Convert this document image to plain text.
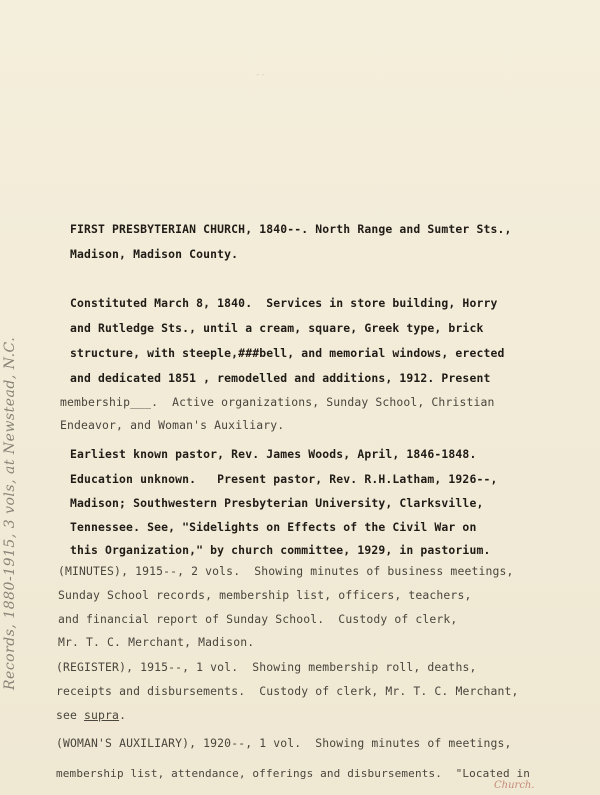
--
FIRST PRESBYTERIAN CHURCH, 1840--. North Range and Sumter Sts.,
Madison, Madison County.
Constituted March 8, 1840.  Services in store building, Horry
and Rutledge Sts., until a cream, square, Greek type, brick
structure, with steeple,###bell, and memorial windows, erected
and dedicated 1851 , remodelled and additions, 1912. Present
membership___.  Active organizations, Sunday School, Christian
Endeavor, and Woman's Auxiliary.
Earliest known pastor, Rev. James Woods, April, 1846-1848.
Education unknown.   Present pastor, Rev. R.H.Latham, 1926--,
Madison; Southwestern Presbyterian University, Clarksville,
Tennessee. See, "Sidelights on Effects of the Civil War on
this Organization," by church committee, 1929, in pastorium.
(MINUTES), 1915--, 2 vols.  Showing minutes of business meetings,
Sunday School records, membership list, officers, teachers,
and financial report of Sunday School.  Custody of clerk,
Mr. T. C. Merchant, Madison.
(REGISTER), 1915--, 1 vol.  Showing membership roll, deaths,
receipts and disbursements.  Custody of clerk, Mr. T. C. Merchant,
see supra.
(WOMAN'S AUXILIARY), 1920--, 1 vol.  Showing minutes of meetings,
membership list, attendance, offerings and disbursements.  "Located in
Records, 1880-1915, 3 vols, at Newstead, N.C.
Church.
